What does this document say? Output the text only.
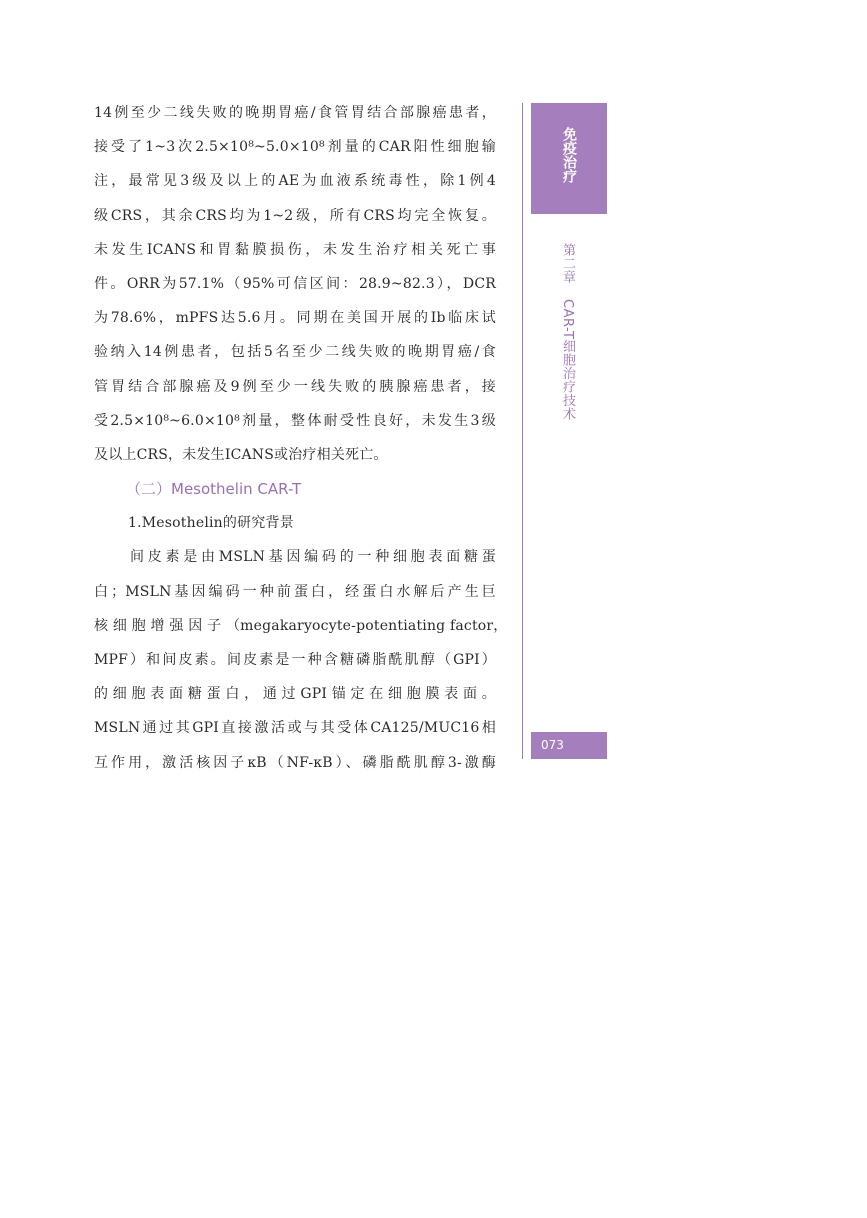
14例至少二线失败的晚期胃癌/食管胃结合部腺癌患者，
接受了1~3次2.5×10⁸~5.0×10⁸剂量的CAR阳性细胞输
注，最常见3级及以上的AE为血液系统毒性，除1例4
级CRS，其余CRS均为1~2级，所有CRS均完全恢复。
未发生ICANS和胃黏膜损伤，未发生治疗相关死亡事
件。ORR为57.1%（95%可信区间：28.9~82.3），DCR
为78.6%，mPFS达5.6月。同期在美国开展的Ib临床试
验纳入14例患者，包括5名至少二线失败的晚期胃癌/食
管胃结合部腺癌及9例至少一线失败的胰腺癌患者，接
受2.5×10⁸~6.0×10⁸剂量，整体耐受性良好，未发生3级
及以上CRS，未发生ICANS或治疗相关死亡。
（二）Mesothelin CAR-T
1.Mesothelin的研究背景
间皮素是由MSLN基因编码的一种细胞表面糖蛋
白；MSLN基因编码一种前蛋白，经蛋白水解后产生巨
核 细 胞 增 强 因 子 （megakaryocyte-potentiating factor，
MPF）和间皮素。间皮素是一种含糖磷脂酰肌醇（GPI）
的细胞表面糖蛋白，通过GPI锚定在细胞膜表面。
MSLN通过其GPI直接激活或与其受体CA125/MUC16相
互作用，激活核因子κB（NF-κB）、磷脂酰肌醇3-激酶
免疫治疗
第二章 CAR-T细胞治疗技术
073
